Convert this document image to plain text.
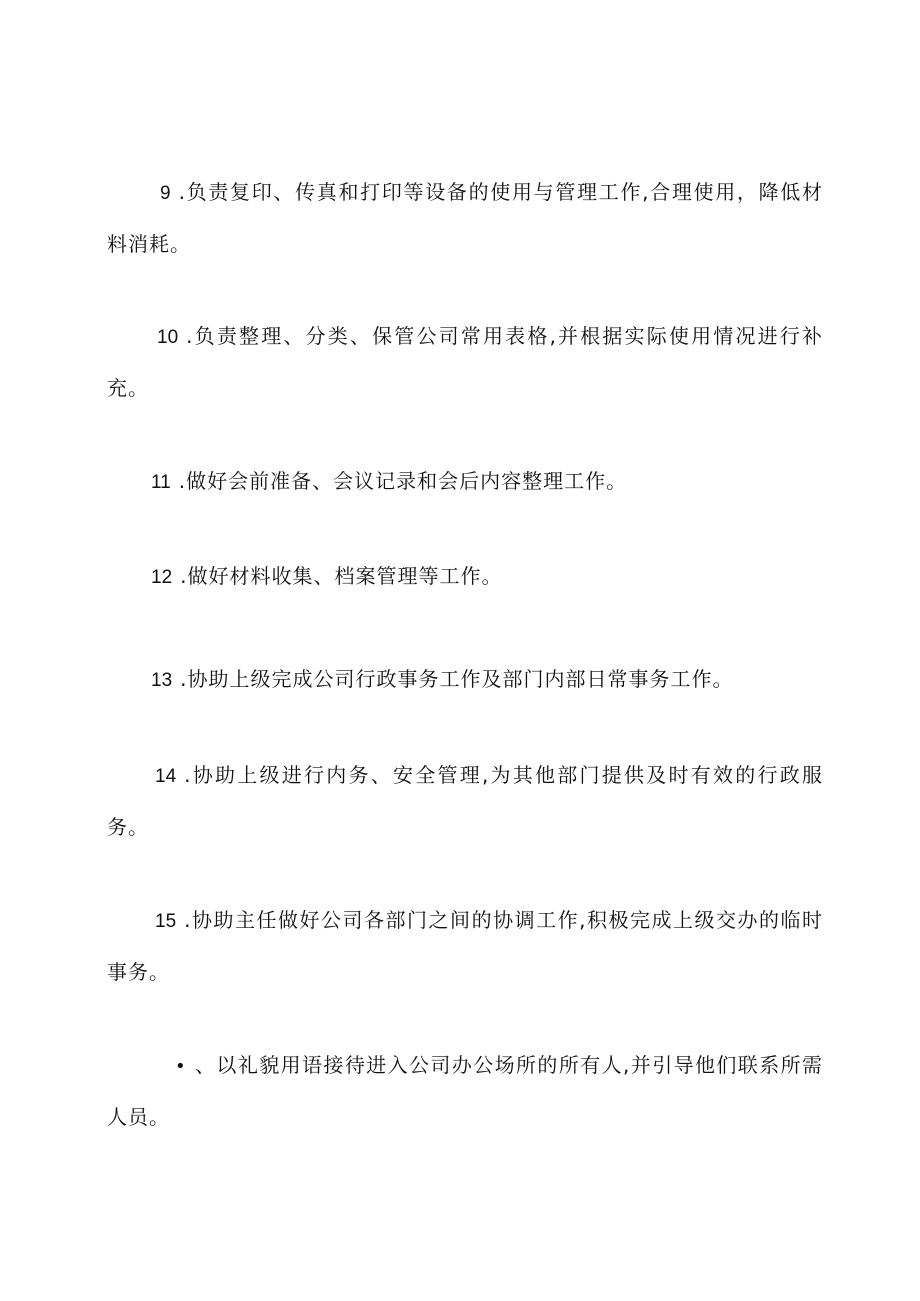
9 .负责复印、传真和打印等设备的使用与管理工作,合理使用，降低材料消耗。

10 .负责整理、分类、保管公司常用表格,并根据实际使用情况进行补充。

11 .做好会前准备、会议记录和会后内容整理工作。

12 .做好材料收集、档案管理等工作。

13 .协助上级完成公司行政事务工作及部门内部日常事务工作。

14 .协助上级进行内务、安全管理,为其他部门提供及时有效的行政服务。

15 .协助主任做好公司各部门之间的协调工作,积极完成上级交办的临时事务。

• 、以礼貌用语接待进入公司办公场所的所有人,并引导他们联系所需人员。
